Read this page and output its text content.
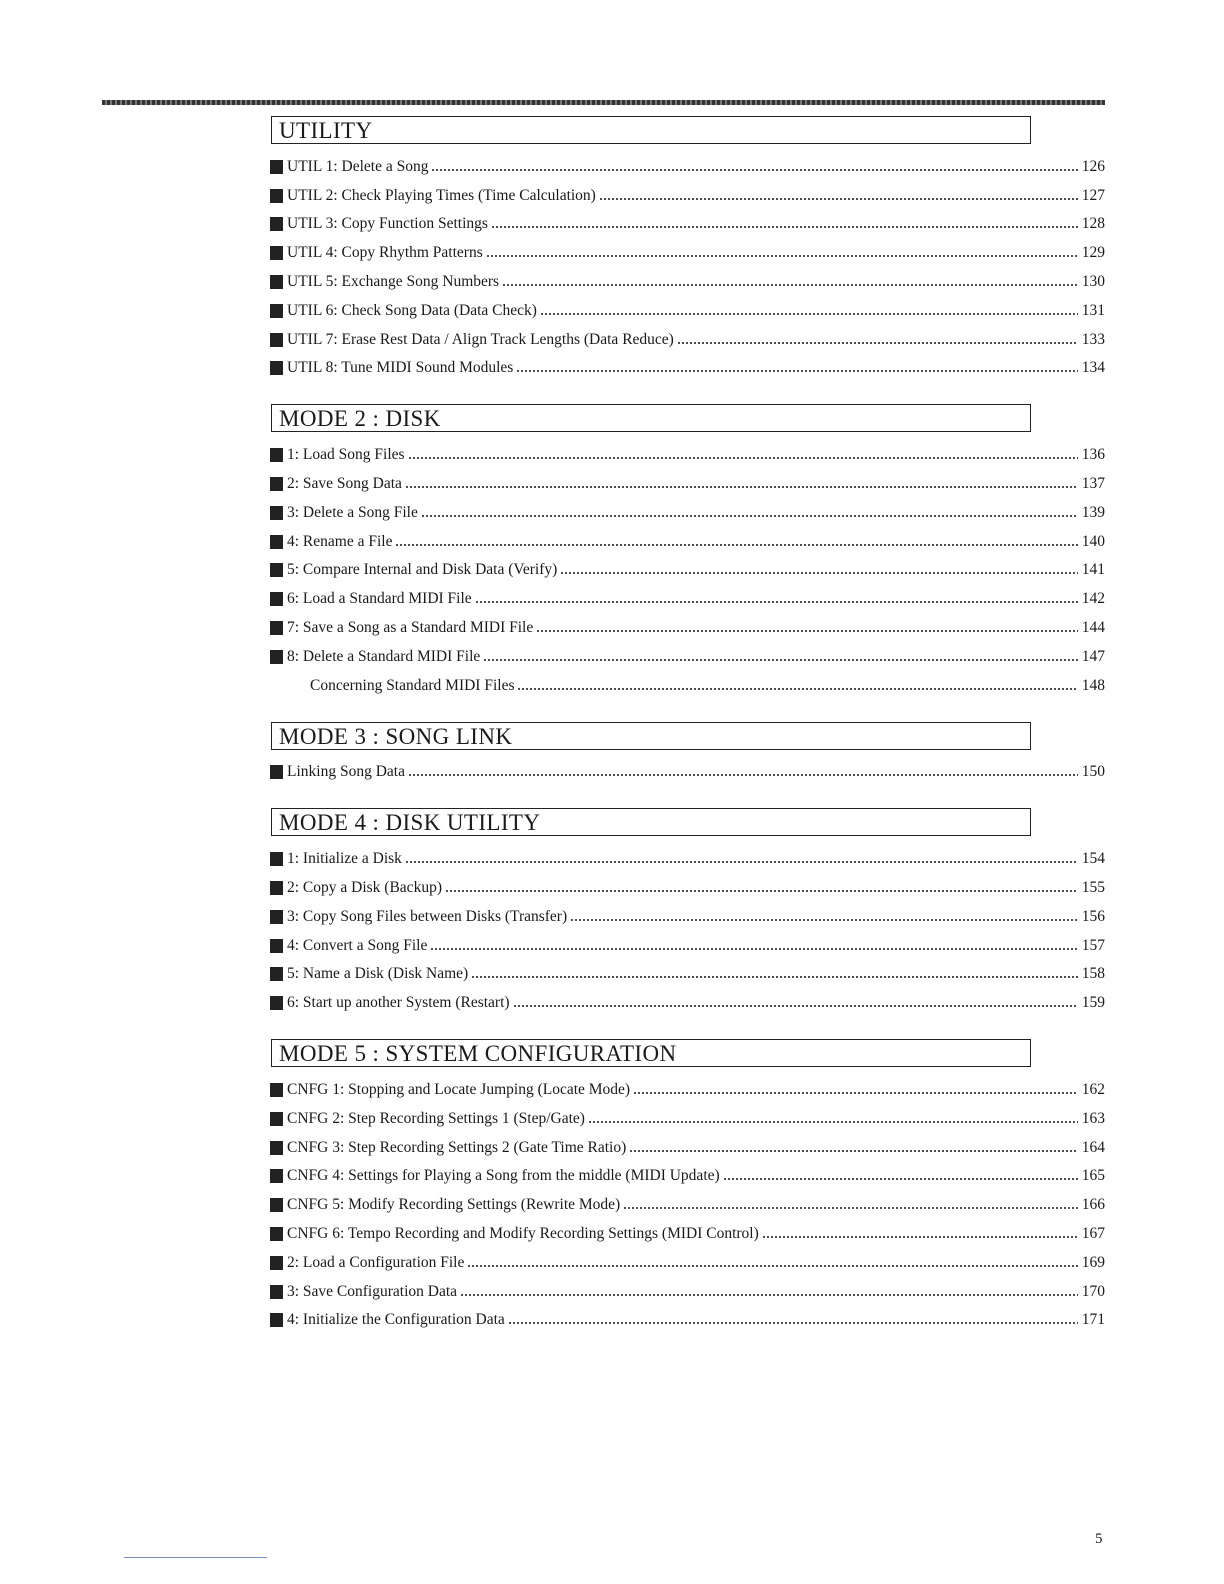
UTILITY
UTIL 1: Delete a Song	126
UTIL 2: Check Playing Times (Time Calculation)	127
UTIL 3: Copy Function Settings	128
UTIL 4: Copy Rhythm Patterns	129
UTIL 5: Exchange Song Numbers	130
UTIL 6: Check Song Data (Data Check)	131
UTIL 7: Erase Rest Data / Align Track Lengths (Data Reduce)	133
UTIL 8: Tune MIDI Sound Modules	134
MODE 2 : DISK
1: Load Song Files	136
2: Save Song Data	137
3: Delete a Song File	139
4: Rename a File	140
5: Compare Internal and Disk Data (Verify)	141
6: Load a Standard MIDI File	142
7: Save a Song as a Standard MIDI File	144
8: Delete a Standard MIDI File	147
Concerning Standard MIDI Files	148
MODE 3 : SONG LINK
Linking Song Data	150
MODE 4 : DISK UTILITY
1: Initialize a Disk	154
2: Copy a Disk (Backup)	155
3: Copy Song Files between Disks (Transfer)	156
4: Convert a Song File	157
5: Name a Disk (Disk Name)	158
6: Start up another System (Restart)	159
MODE 5 : SYSTEM CONFIGURATION
CNFG 1: Stopping and Locate Jumping (Locate Mode)	162
CNFG 2: Step Recording Settings 1 (Step/Gate)	163
CNFG 3: Step Recording Settings 2 (Gate Time Ratio)	164
CNFG 4: Settings for Playing a Song from the middle (MIDI Update)	165
CNFG 5: Modify Recording Settings (Rewrite Mode)	166
CNFG 6: Tempo Recording and Modify Recording Settings (MIDI Control)	167
2: Load a Configuration File	169
3: Save Configuration Data	170
4: Initialize the Configuration Data	171
5
